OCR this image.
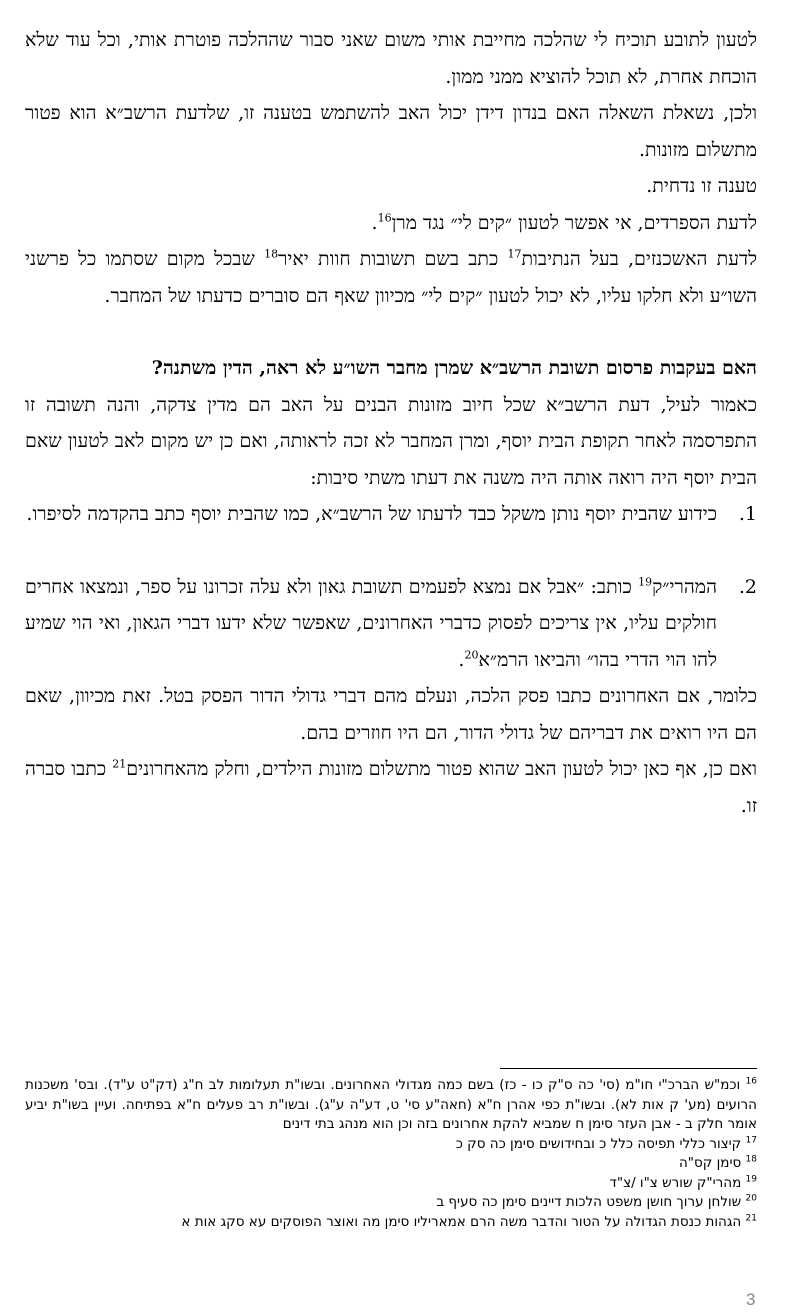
לטעון לתובע תוכיח לי שהלכה מחייבת אותי משום שאני סבור שההלכה פוטרת אותי, וכל עוד שלא הוכחת אחרת, לא תוכל להוציא ממני ממון.

ולכן, נשאלת השאלה האם בנדון דידן יכול האב להשתמש בטענה זו, שלדעת הרשב״א הוא פטור מתשלום מזונות.

טענה זו נדחית.

לדעת הספרדים, אי אפשר לטעון ״קים לי״ נגד מרן$^{16}$.

לדעת האשכנזים, בעל הנתיבות$^{17}$ כתב בשם תשובות חוות יאיר$^{18}$ שבכל מקום שסתמו כל פרשני השו״ע ולא חלקו עליו, לא יכול לטעון ״קים לי״ מכיוון שאף הם סוברים כדעתו של המחבר.

האם בעקבות פרסום תשובת הרשב״א שמרן מחבר השו״ע לא ראה, הדין משתנה?

כאמור לעיל, דעת הרשב״א שכל חיוב מזונות הבנים על האב הם מדין צדקה, והנה תשובה זו התפרסמה לאחר תקופת הבית יוסף, ומרן המחבר לא זכה לראותה, ואם כן יש מקום לאב לטעון שאם הבית יוסף היה רואה אותה היה משנה את דעתו משתי סיבות:

1.
כידוע שהבית יוסף נותן משקל כבד לדעתו של הרשב״א, כמו שהבית יוסף כתב בהקדמה לסיפרו.
2.
המהרי״ק$^{19}$ כותב: ״אבל אם נמצא לפעמים תשובת גאון ולא עלה זכרונו על ספר, ונמצאו אחרים חולקים עליו, אין צריכים לפסוק כדברי האחרונים, שאפשר שלא ידעו דברי הגאון, ואי הוי שמיע להו הוי הדרי בהו״ והביאו הרמ״א$^{20}$.

כלומר, אם האחרונים כתבו פסק הלכה, ונעלם מהם דברי גדולי הדור הפסק בטל. זאת מכיוון, שאם הם היו רואים את דבריהם של גדולי הדור, הם היו חוזרים בהם.

ואם כן, אף כאן יכול לטעון האב שהוא פטור מתשלום מזונות הילדים, וחלק מהאחרונים$^{21}$ כתבו סברה זו.

$^{16}$ וכמ"ש הברכ"י חו"מ (סי' כה ס"ק כו - כז) בשם כמה מגדולי האחרונים. ובשו"ת תעלומות לב ח"ג (דק"ט ע"ד). ובס' משכנות הרועים (מע' ק אות לא). ובשו"ת כפי אהרן ח"א (חאה"ע סי' ט, דע"ה ע"ג). ובשו"ת רב פעלים ח"א בפתיחה. ועיין בשו"ת יביע אומר חלק ב - אבן העזר סימן ח שמביא להקת אחרונים בזה וכן הוא מנהג בתי דינים

$^{17}$ קיצור כללי תפיסה כלל כ ובחידושים סימן כה סק כ

$^{18}$ סימן קס"ה

$^{19}$ מהרי"ק שורש צ"ו /צ"ד

$^{20}$ שולחן ערוך חושן משפט הלכות דיינים סימן כה סעיף ב

$^{21}$ הגהות כנסת הגדולה על הטור והדבר משה הרם אמאריליו סימן מה ואוצר הפוסקים עא סקג אות א

3
